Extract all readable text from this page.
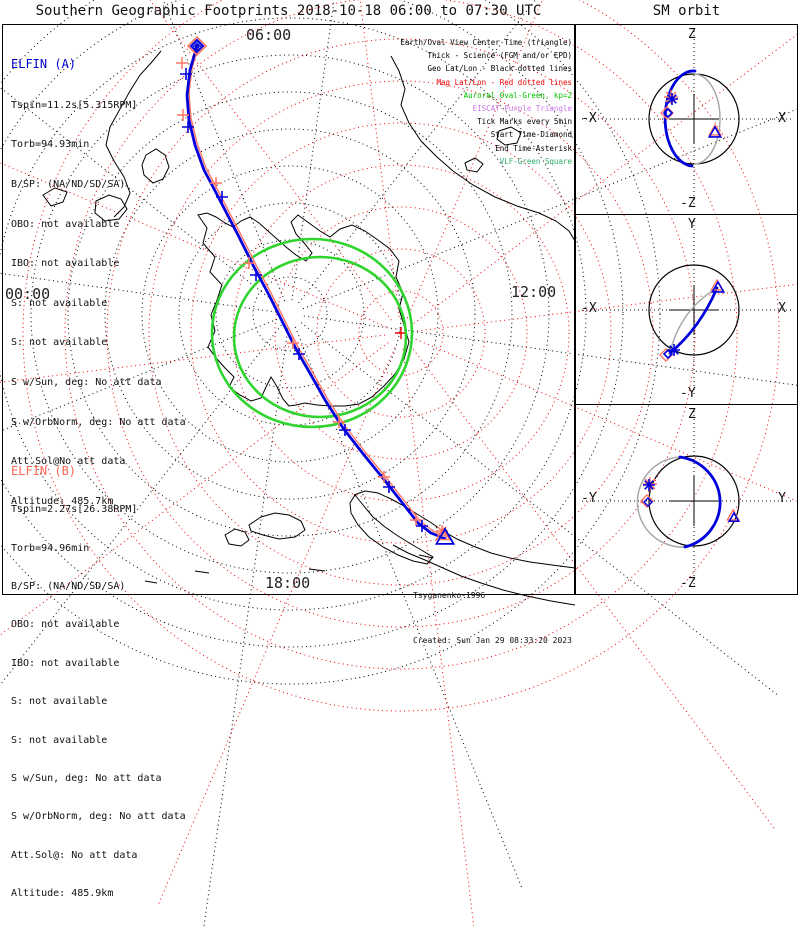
Southern Geographic Footprints 2018-10-18 06:00 to 07:30 UTC	SM orbit

ELFIN (A)

Tspin=11.2s[5.315RPM]

Torb=94.93min

B/SP: (NA/ND/SD/SA)

OBO: not available

IBO: not available

S: not available

S: not available

S w/Sun, deg: No att data

S w/OrbNorm, deg: No att data

Att.Sol@No att data

Altitude: 485.7km

ELFIN (B)

Tspin=2.27s[26.38RPM]

Torb=94.96min

B/SP: (NA/ND/SD/SA)

OBO: not available

IBO: not available

S: not available

S: not available

S w/Sun, deg: No att data

S w/OrbNorm, deg: No att data

Att.Sol@: No att data

Altitude: 485.9km

Earth/Oval View Center Time (triangle)
Thick - Science (FGM and/or EPD)
Geo Lat/Lon - Black dotted lines
Mag Lat/Lon - Red dotted lines
Auroral Oval-Green, kp=2
EISCAT-Purple Triangle
Tick Marks every 5min
Start Time-Diamond
End Time-Asterisk
VLF-Green Square
06:00
12:00
18:00
00:00

Tsyganenko-1996

Created: Sun Jan 29 08:33:20 2023

Z
-Z
-X	X
Y
-Y
-X	X
Z
-Z
-Y	Y
